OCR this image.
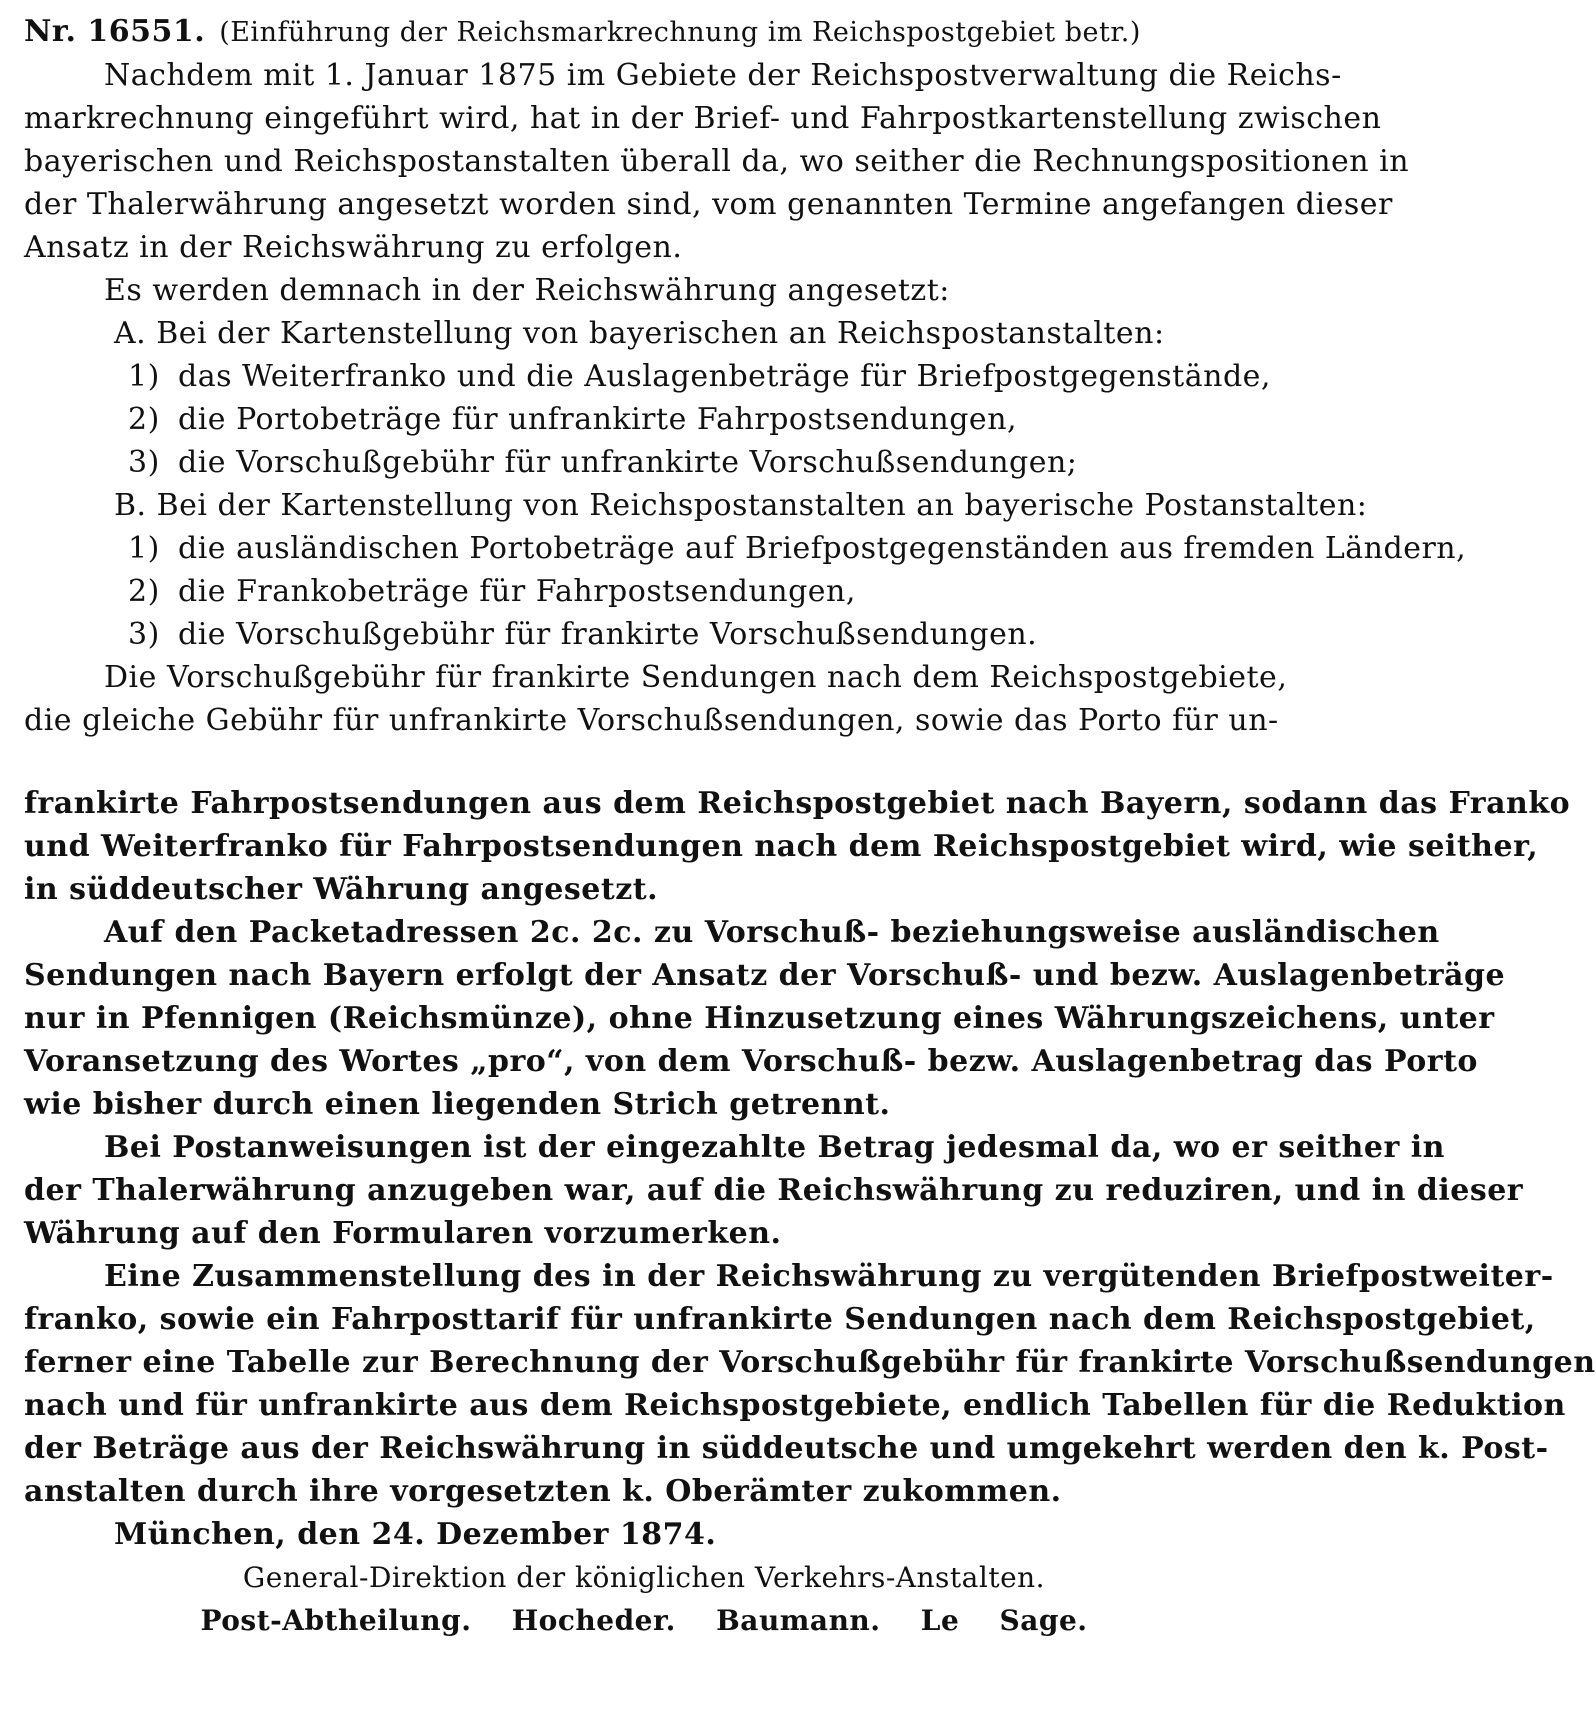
Nr. 16551. (Einführung der Reichsmarkrechnung im Reichspostgebiet betr.)
Nachdem mit 1. Januar 1875 im Gebiete der Reichspostverwaltung die Reichs-
markrechnung eingeführt wird, hat in der Brief- und Fahrpostkartenstellung zwischen
bayerischen und Reichspostanstalten überall da, wo seither die Rechnungspositionen in
der Thalerwährung angesetzt worden sind, vom genannten Termine angefangen dieser
Ansatz in der Reichswährung zu erfolgen.
Es werden demnach in der Reichswährung angesetzt:
A. Bei der Kartenstellung von bayerischen an Reichspostanstalten:
1) das Weiterfranko und die Auslagenbeträge für Briefpostgegenstände,
2) die Portobeträge für unfrankirte Fahrpostsendungen,
3) die Vorschußgebühr für unfrankirte Vorschußsendungen;
B. Bei der Kartenstellung von Reichspostanstalten an bayerische Postanstalten:
1) die ausländischen Portobeträge auf Briefpostgegenständen aus fremden Ländern,
2) die Frankobeträge für Fahrpostsendungen,
3) die Vorschußgebühr für frankirte Vorschußsendungen.
Die Vorschußgebühr für frankirte Sendungen nach dem Reichspostgebiete,
die gleiche Gebühr für unfrankirte Vorschußsendungen, sowie das Porto für un-
frankirte Fahrpostsendungen aus dem Reichspostgebiet nach Bayern, sodann das Franko
und Weiterfranko für Fahrpostsendungen nach dem Reichspostgebiet wird, wie seither,
in süddeutscher Währung angesetzt.
Auf den Packetadressen 2c. 2c. zu Vorschuß- beziehungsweise ausländischen
Sendungen nach Bayern erfolgt der Ansatz der Vorschuß- und bezw. Auslagenbeträge
nur in Pfennigen (Reichsmünze), ohne Hinzusetzung eines Währungszeichens, unter
Voransetzung des Wortes „pro“, von dem Vorschuß- bezw. Auslagenbetrag das Porto
wie bisher durch einen liegenden Strich getrennt.
Bei Postanweisungen ist der eingezahlte Betrag jedesmal da, wo er seither in
der Thalerwährung anzugeben war, auf die Reichswährung zu reduziren, und in dieser
Währung auf den Formularen vorzumerken.
Eine Zusammenstellung des in der Reichswährung zu vergütenden Briefpostweiter-
franko, sowie ein Fahrposttarif für unfrankirte Sendungen nach dem Reichspostgebiet,
ferner eine Tabelle zur Berechnung der Vorschußgebühr für frankirte Vorschußsendungen
nach und für unfrankirte aus dem Reichspostgebiete, endlich Tabellen für die Reduktion
der Beträge aus der Reichswährung in süddeutsche und umgekehrt werden den k. Post-
anstalten durch ihre vorgesetzten k. Oberämter zukommen.
München, den 24. Dezember 1874.
General-Direktion der königlichen Verkehrs-Anstalten.
Post-Abtheilung. Hocheder. Baumann. Le Sage.
